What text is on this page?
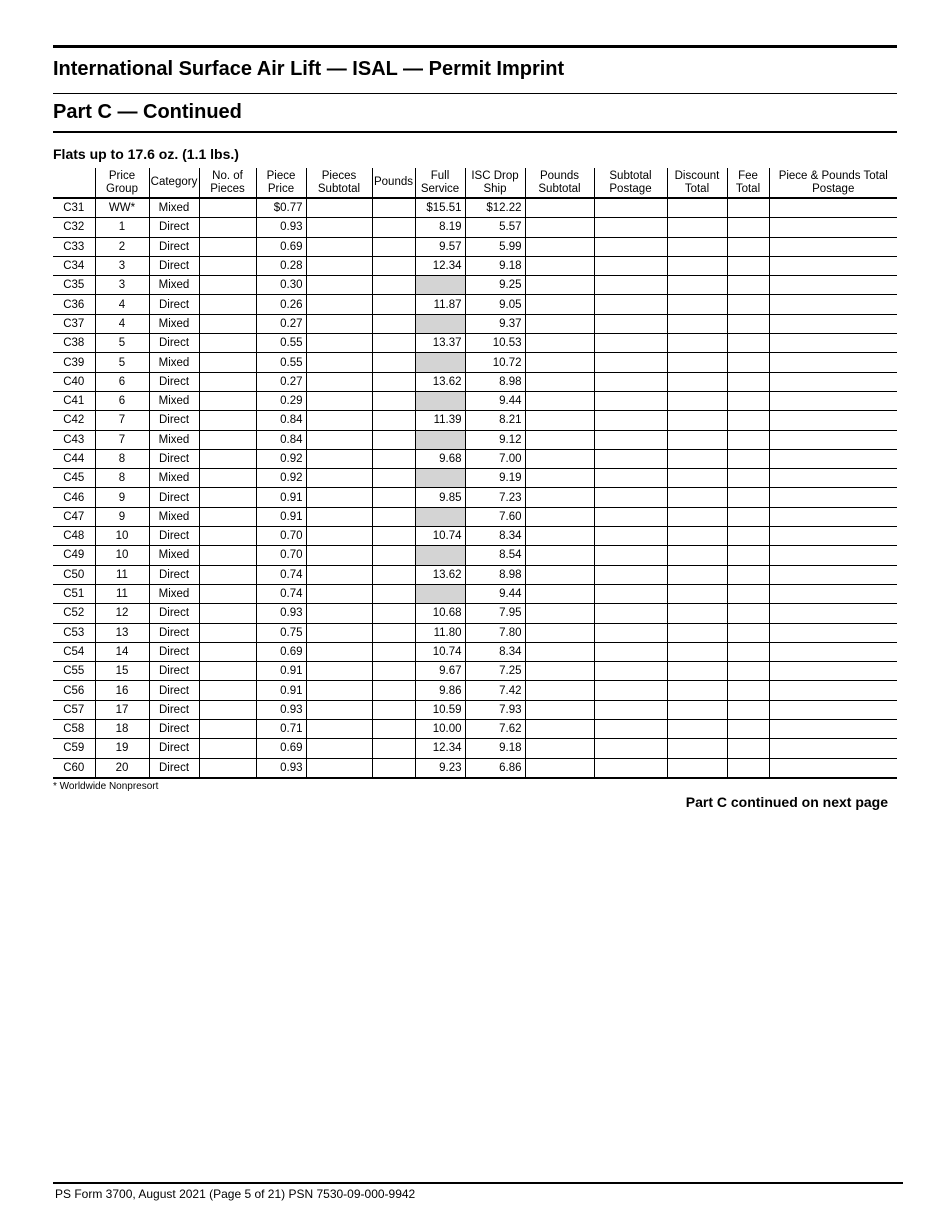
International Surface Air Lift — ISAL — Permit Imprint
Part C — Continued
Flats up to 17.6 oz. (1.1 lbs.)
	Price Group	Category	No. of Pieces	Piece Price	Pieces Subtotal	Pounds	Full Service	ISC Drop Ship	Pounds Subtotal	Subtotal Postage	Discount Total	Fee Total	Piece & Pounds Total Postage
C31	WW*	Mixed		$0.77			$15.51	$12.22					
C32	1	Direct		0.93			8.19	5.57					
C33	2	Direct		0.69			9.57	5.99					
C34	3	Direct		0.28			12.34	9.18					
C35	3	Mixed		0.30				9.25					
C36	4	Direct		0.26			11.87	9.05					
C37	4	Mixed		0.27				9.37					
C38	5	Direct		0.55			13.37	10.53					
C39	5	Mixed		0.55				10.72					
C40	6	Direct		0.27			13.62	8.98					
C41	6	Mixed		0.29				9.44					
C42	7	Direct		0.84			11.39	8.21					
C43	7	Mixed		0.84				9.12					
C44	8	Direct		0.92			9.68	7.00					
C45	8	Mixed		0.92				9.19					
C46	9	Direct		0.91			9.85	7.23					
C47	9	Mixed		0.91				7.60					
C48	10	Direct		0.70			10.74	8.34					
C49	10	Mixed		0.70				8.54					
C50	11	Direct		0.74			13.62	8.98					
C51	11	Mixed		0.74				9.44					
C52	12	Direct		0.93			10.68	7.95					
C53	13	Direct		0.75			11.80	7.80					
C54	14	Direct		0.69			10.74	8.34					
C55	15	Direct		0.91			9.67	7.25					
C56	16	Direct		0.91			9.86	7.42					
C57	17	Direct		0.93			10.59	7.93					
C58	18	Direct		0.71			10.00	7.62					
C59	19	Direct		0.69			12.34	9.18					
C60	20	Direct		0.93			9.23	6.86					
* Worldwide Nonpresort
Part C continued on next page
PS Form 3700, August 2021 (Page 5 of 21) PSN 7530-09-000-9942
